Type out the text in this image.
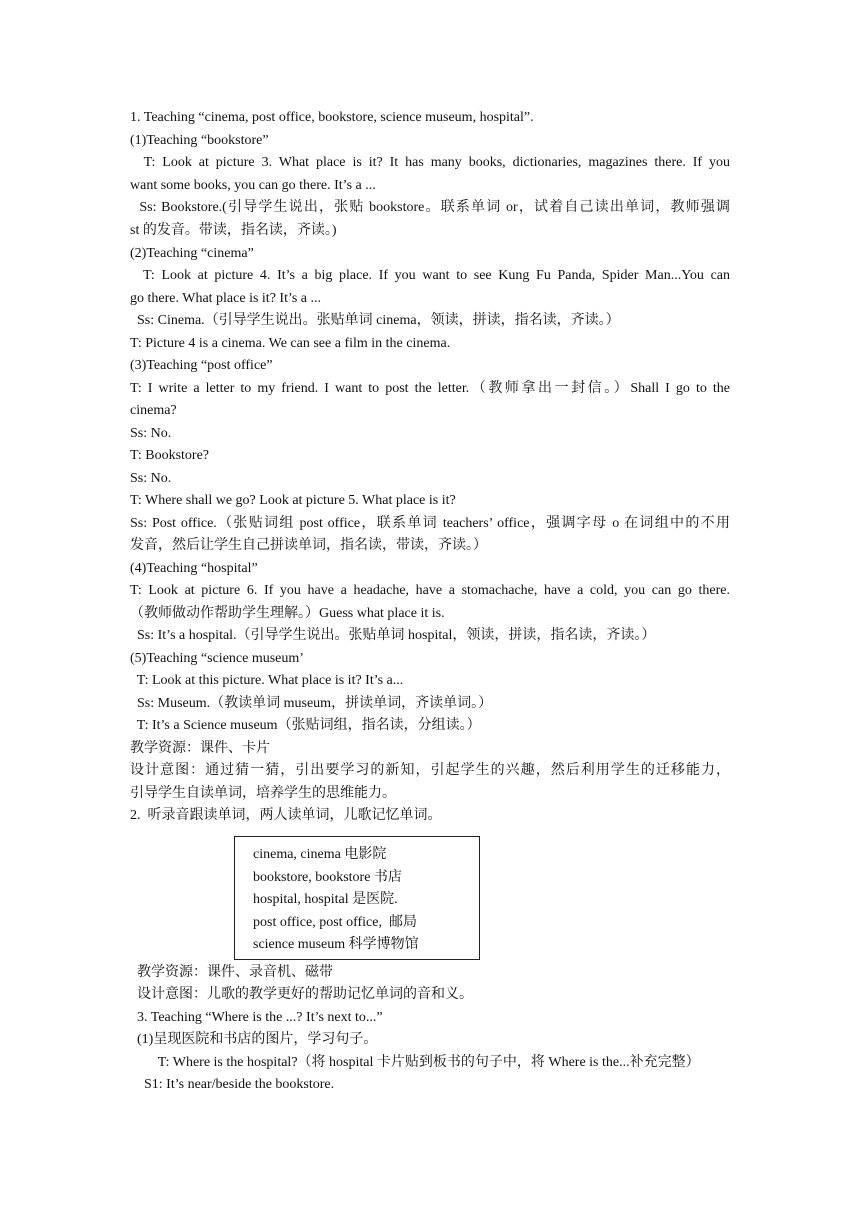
1. Teaching “cinema, post office, bookstore, science museum, hospital”.
(1)Teaching “bookstore”
T: Look at picture 3. What place is it? It has many books, dictionaries, magazines there. If you
want some books, you can go there. It’s a ...
Ss: Bookstore.(引导学生说出，张贴 bookstore。联系单词 or，试着自己读出单词，教师强调
st 的发音。带读，指名读，齐读。)
(2)Teaching “cinema”
T: Look at picture 4. It’s a big place. If you want to see Kung Fu Panda, Spider Man...You can
go there. What place is it? It’s a ...
Ss: Cinema.（引导学生说出。张贴单词 cinema，领读，拼读，指名读，齐读。）
T: Picture 4 is a cinema. We can see a film in the cinema.
(3)Teaching “post office”
T: I write a letter to my friend. I want to post the letter.（教师拿出一封信。）Shall I go to the
cinema?
Ss: No.
T: Bookstore?
Ss: No.
T: Where shall we go? Look at picture 5. What place is it?
Ss: Post office.（张贴词组 post office，联系单词 teachers’ office，强调字母 o 在词组中的不用
发音，然后让学生自己拼读单词，指名读，带读，齐读。）
(4)Teaching “hospital”
T: Look at picture 6. If you have a headache, have a stomachache, have a cold, you can go there.
（教师做动作帮助学生理解。）Guess what place it is.
Ss: It’s a hospital.（引导学生说出。张贴单词 hospital，领读，拼读，指名读，齐读。）
(5)Teaching “science museum’
T: Look at this picture. What place is it? It’s a...
Ss: Museum.（教读单词 museum，拼读单词，齐读单词。）
T: It’s a Science museum（张贴词组，指名读，分组读。）
教学资源：课件、卡片
设计意图：通过猜一猜，引出要学习的新知，引起学生的兴趣，然后利用学生的迁移能力，
引导学生自读单词，培养学生的思维能力。
2.  听录音跟读单词，两人读单词，儿歌记忆单词。
cinema, cinema 电影院
bookstore, bookstore 书店
hospital, hospital 是医院.
post office, post office,  邮局
science museum 科学博物馆
教学资源：课件、录音机、磁带
设计意图：儿歌的教学更好的帮助记忆单词的音和义。
3. Teaching “Where is the ...? It’s next to...”
(1)呈现医院和书店的图片，学习句子。
T: Where is the hospital?（将 hospital 卡片贴到板书的句子中，将 Where is the...补充完整）
S1: It’s near/beside the bookstore.
